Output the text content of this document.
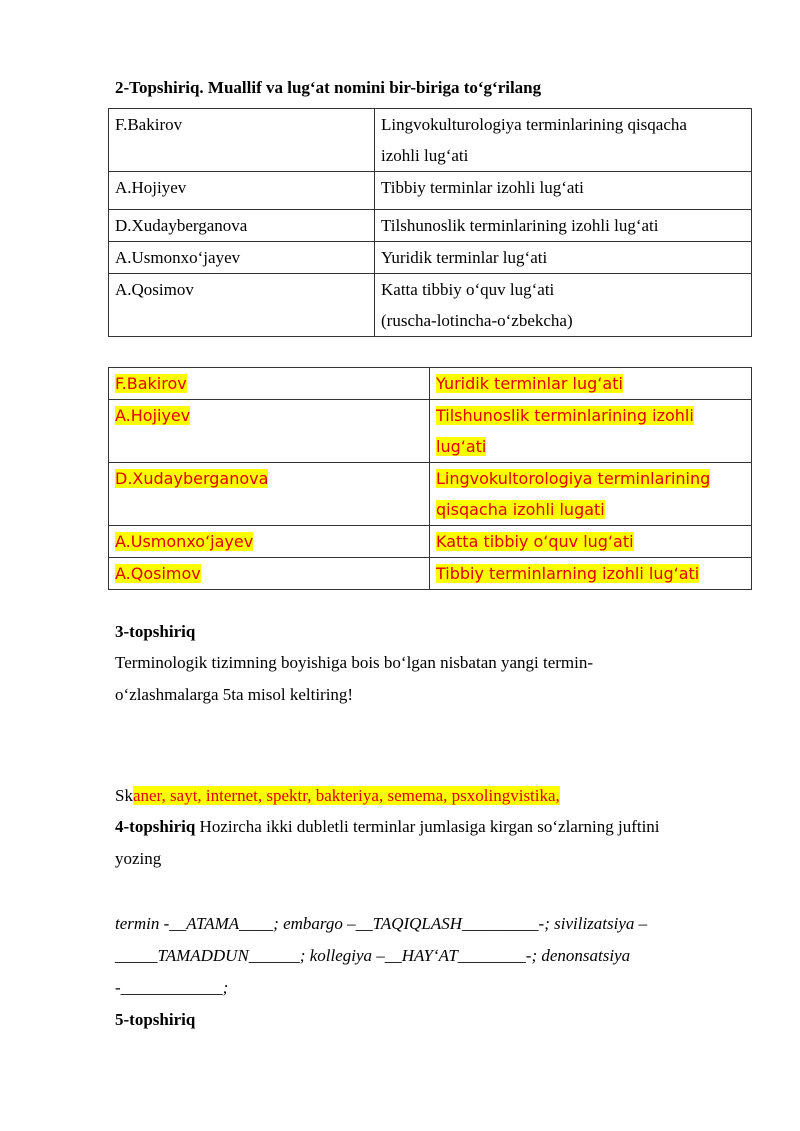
2-Topshiriq. Muallif va lug‘at nomini bir-biriga to‘g‘rilang
F.Bakirov	Lingvokulturologiya terminlarining qisqacha
izohli lug‘ati
A.Hojiyev	Tibbiy terminlar izohli lug‘ati
D.Xudayberganova	Tilshunoslik terminlarining izohli lug‘ati
A.Usmonxo‘jayev	Yuridik terminlar lug‘ati
A.Qosimov	Katta tibbiy o‘quv lug‘ati
(ruscha-lotincha-o‘zbekcha)
F.Bakirov	Yuridik terminlar lug‘ati
A.Hojiyev	Tilshunoslik terminlarining izohli
lug‘ati
D.Xudayberganova	Lingvokultorologiya terminlarining
qisqacha izohli lugati
A.Usmonxo‘jayev	Katta tibbiy o‘quv lug‘ati
A.Qosimov	Tibbiy terminlarning izohli lug‘ati
3-topshiriq
Terminologik tizimning boyishiga bois bo‘lgan nisbatan yangi termin-
o‘zlashmalarga 5ta misol keltiring!
Skaner, sayt, internet, spektr, bakteriya, semema, psxolingvistika,
4-topshiriq Hozircha ikki dubletli terminlar jumlasiga kirgan so‘zlarning juftini
yozing
termin -__ATAMA____; embargo –__TAQIQLASH_________-; sivilizatsiya –
_____TAMADDUN______; kollegiya –__HAY‘AT________-; denonsatsiya
-____________;
5-topshiriq
